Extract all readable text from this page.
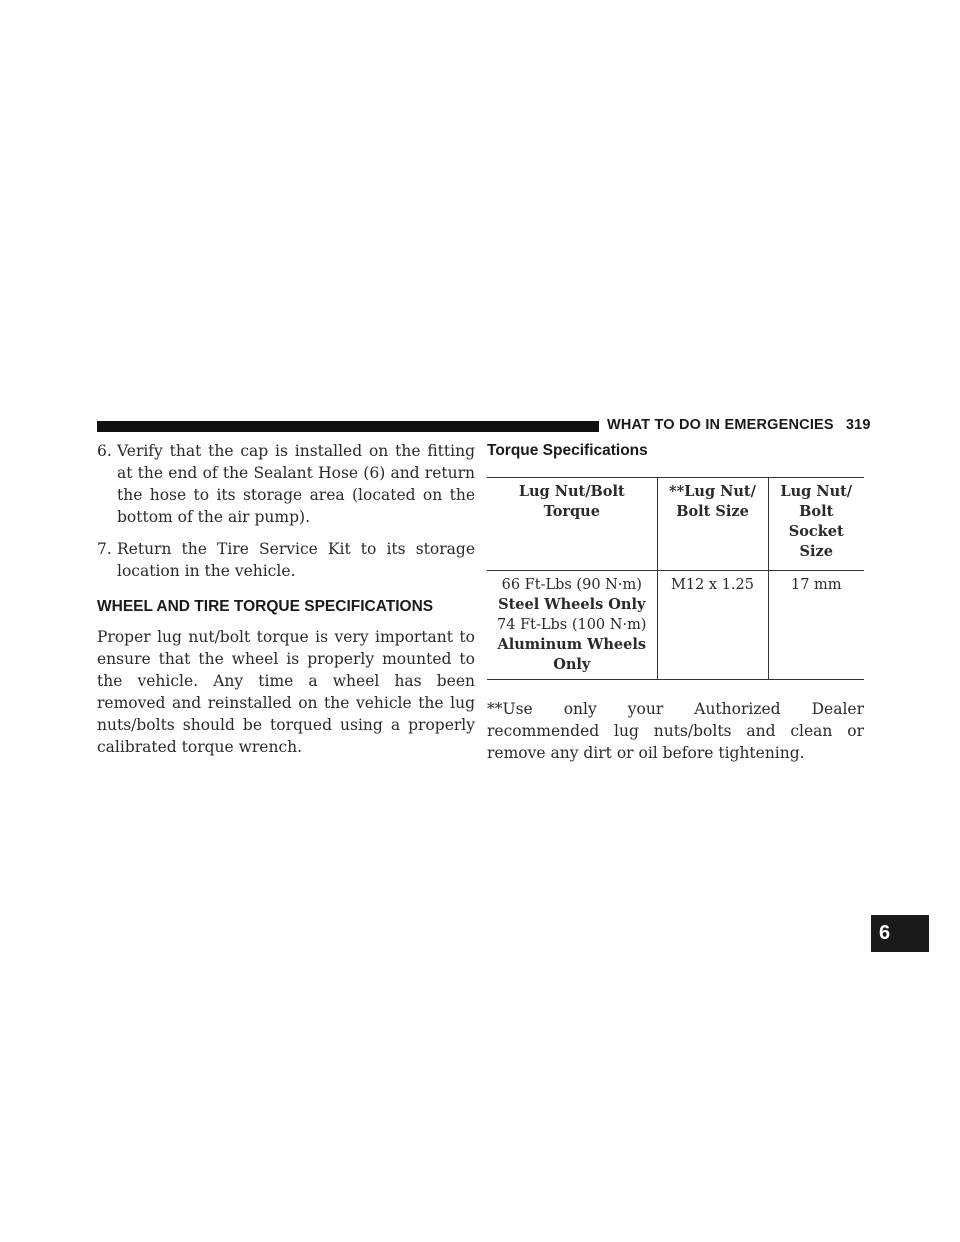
WHAT TO DO IN EMERGENCIES 319
6

6. Verify that the cap is installed on the fitting at the end of the Sealant Hose (6) and return the hose to its storage area (located on the bottom of the air pump).

7. Return the Tire Service Kit to its storage location in the vehicle.

WHEEL AND TIRE TORQUE SPECIFICATIONS

Proper lug nut/bolt torque is very important to ensure that the wheel is properly mounted to the vehicle. Any time a wheel has been removed and reinstalled on the vehicle the lug nuts/bolts should be torqued using a properly calibrated torque wrench.

Torque Specifications
Lug Nut/Bolt Torque	**Lug Nut/ Bolt Size	Lug Nut/ Bolt Socket Size

66 Ft-Lbs (90 N·m)
Steel Wheels Only
74 Ft-Lbs (100 N·m)
Aluminum Wheels Only	M12 x 1.25	17 mm

**Use only your Authorized Dealer recommended lug nuts/bolts and clean or remove any dirt or oil before tightening.
